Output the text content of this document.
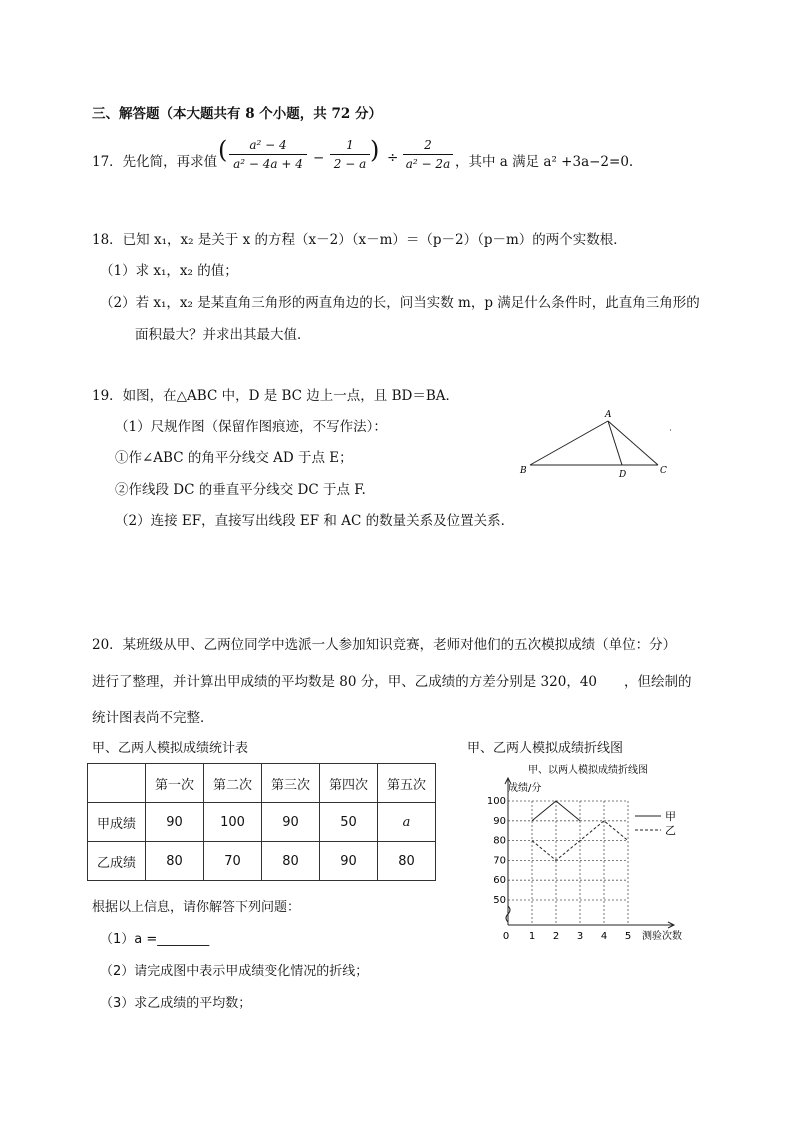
三、解答题（本大题共有 8 个小题，共 72 分）
17．先化简，再求值 (	a² − 4
a² − 4a + 4 −
1
2 − a ) ÷
2
a² − 2a ，其中 a 满足 a² +3a−2=0.
18．已知 x₁，x₂ 是关于 x 的方程（x－2）（x－m）＝（p－2）（p－m）的两个实数根．
（1）求 x₁，x₂ 的值；
（2）若 x₁，x₂ 是某直角三角形的两直角边的长，问当实数 m，p 满足什么条件时，此直角三角形的
面积最大？并求出其最大值．
19．如图，在△ABC 中，D 是 BC 边上一点，且 BD＝BA．
（1）尺规作图（保留作图痕迹，不写作法）：
①作∠ABC 的角平分线交 AD 于点 E；
②作线段 DC 的垂直平分线交 DC 于点 F.
（2）连接 EF，直接写出线段 EF 和 AC 的数量关系及位置关系．
A
B	C
D
20．某班级从甲、乙两位同学中选派一人参加知识竞赛，老师对他们的五次模拟成绩（单位：分）
进行了整理，并计算出甲成绩的平均数是 80 分，甲、乙成绩的方差分别是 320，40　　，但绘制的
统计图表尚不完整．
甲、乙两人模拟成绩统计表	甲、乙两人模拟成绩折线图
	第一次	第二次	第三次	第四次	第五次
甲成绩	90	100	90	50	a
乙成绩	80	70	80	90	80
根据以上信息，请你解答下列问题：
（1）a =________
（2）请完成图中表示甲成绩变化情况的折线；
（3）求乙成绩的平均数；
甲、以两人模拟成绩折线图
成绩/分
测验次数
50
60
70
80
90
100
0 1 2 3 4 5
甲
乙
